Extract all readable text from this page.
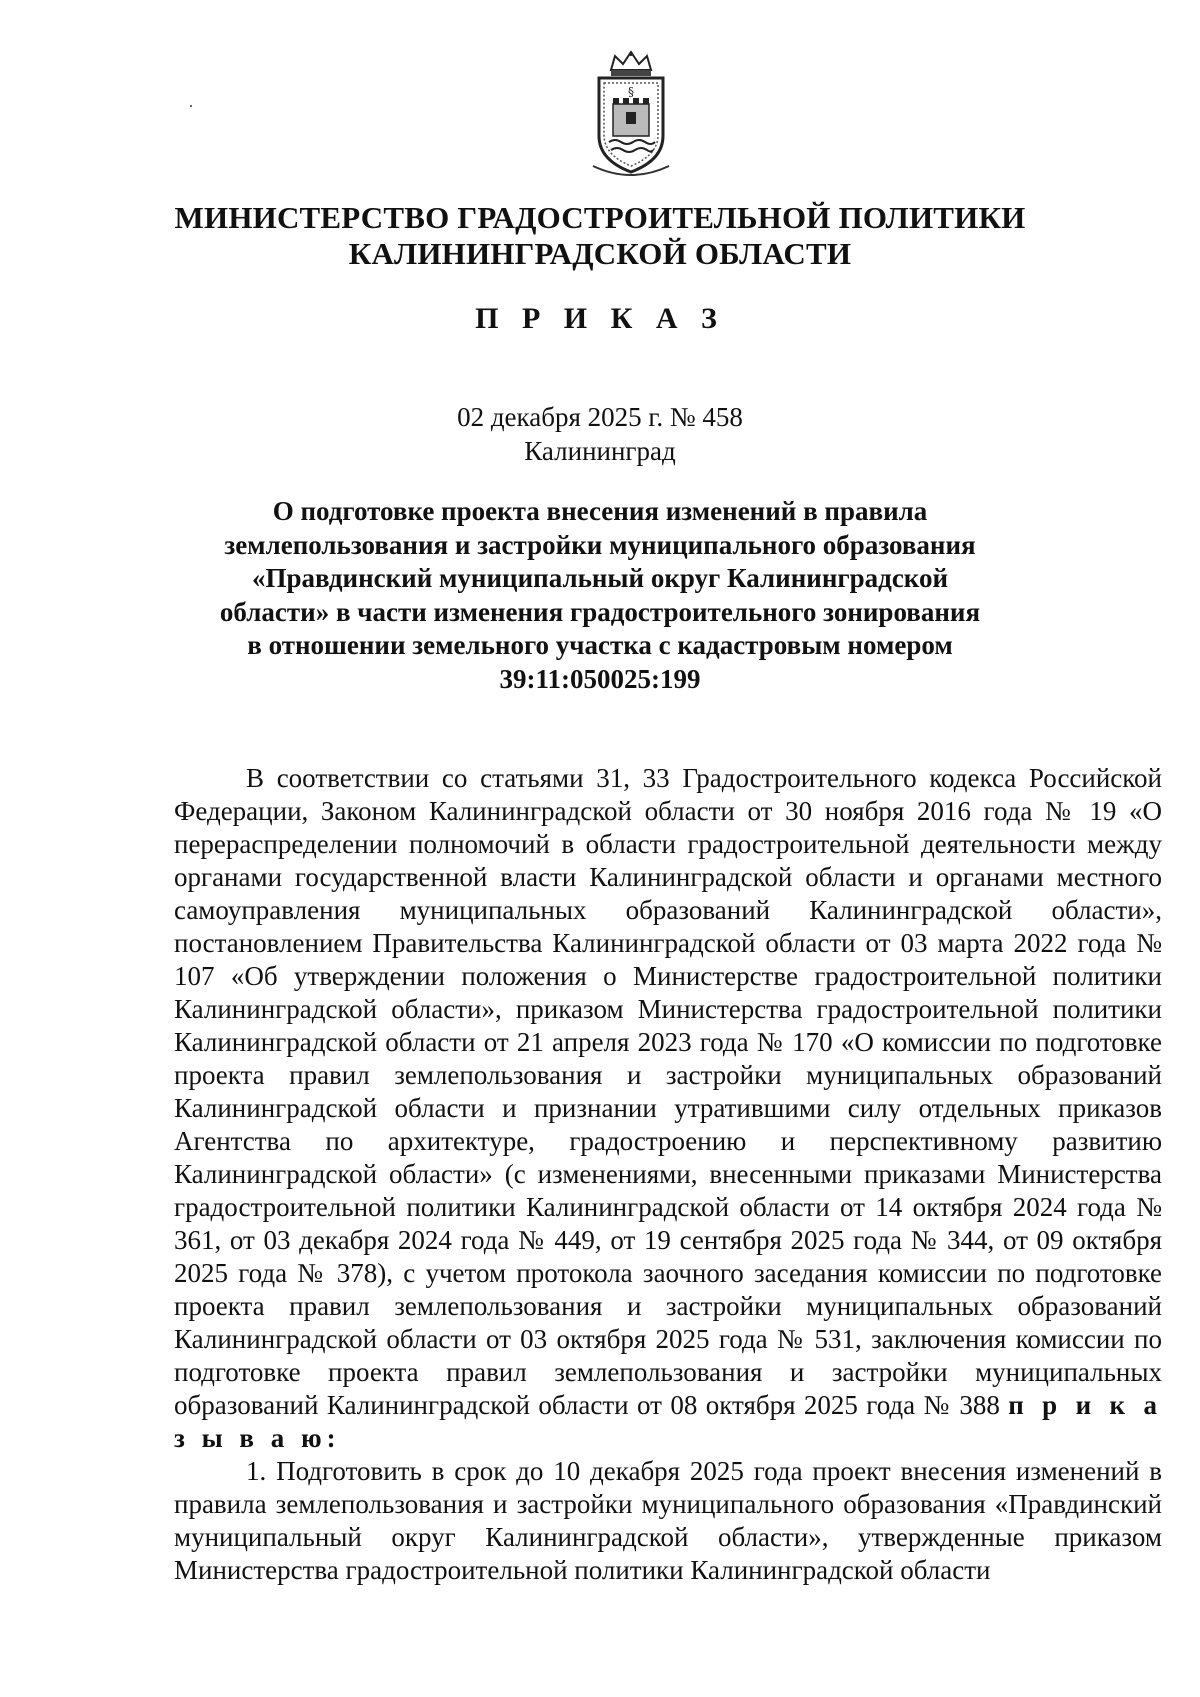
§
МИНИСТЕРСТВО ГРАДОСТРОИТЕЛЬНОЙ ПОЛИТИКИ
КАЛИНИНГРАДСКОЙ ОБЛАСТИ
П Р И К А З
02 декабря 2025 г. № 458
Калининград
О подготовке проекта внесения изменений в правила землепользования и застройки муниципального образования «Правдинский муниципальный округ Калининградской области» в части изменения градостроительного зонирования в отношении земельного участка с кадастровым номером 39:11:050025:199

В соответствии со статьями 31, 33 Градостроительного кодекса Российской Федерации, Законом Калининградской области от 30 ноября 2016 года № 19 «О перераспределении полномочий в области градостроительной деятельности между органами государственной власти Калининградской области и органами местного самоуправления муниципальных образований Калининградской области», постановлением Правительства Калининградской области от 03 марта 2022 года № 107 «Об утверждении положения о Министерстве градостроительной политики Калининградской области», приказом Министерства градостроительной политики Калининградской области от 21 апреля 2023 года № 170 «О комиссии по подготовке проекта правил землепользования и застройки муниципальных образований Калининградской области и признании утратившими силу отдельных приказов Агентства по архитектуре, градостроению и перспективному развитию Калининградской области» (с изменениями, внесенными приказами Министерства градостроительной политики Калининградской области от 14 октября 2024 года № 361, от 03 декабря 2024 года № 449, от 19 сентября 2025 года № 344, от 09 октября 2025 года № 378), с учетом протокола заочного заседания комиссии по подготовке проекта правил землепользования и застройки муниципальных образований Калининградской области от 03 октября 2025 года № 531, заключения комиссии по подготовке проекта правил землепользования и застройки муниципальных образований Калининградской области от 08 октября 2025 года № 388 п р и к а з ы в а ю:

1. Подготовить в срок до 10 декабря 2025 года проект внесения изменений в правила землепользования и застройки муниципального образования «Правдинский муниципальный округ Калининградской области», утвержденные приказом Министерства градостроительной политики Калининградской области
